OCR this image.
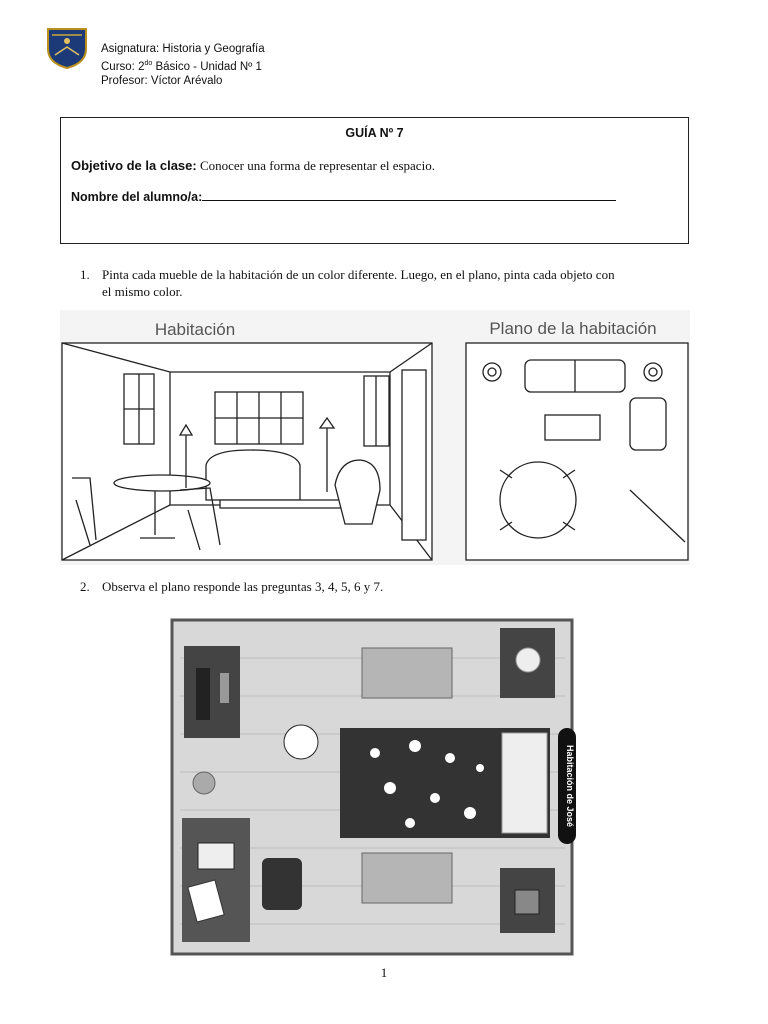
Asignatura: Historia y Geografía
Curso: $2^{do}$ Básico - Unidad Nº 1
Profesor: Víctor Arévalo
GUÍA Nº 7
Objetivo de la clase: Conocer una forma de representar el espacio.
Nombre del alumno/a:
1. Pinta cada mueble de la habitación de un color diferente. Luego, en el plano, pinta cada objeto con
el mismo color.
Habitación	Plano de la habitación
2. Observa el plano responde las preguntas 3, 4, 5, 6 y 7.
Habitación de José
1
